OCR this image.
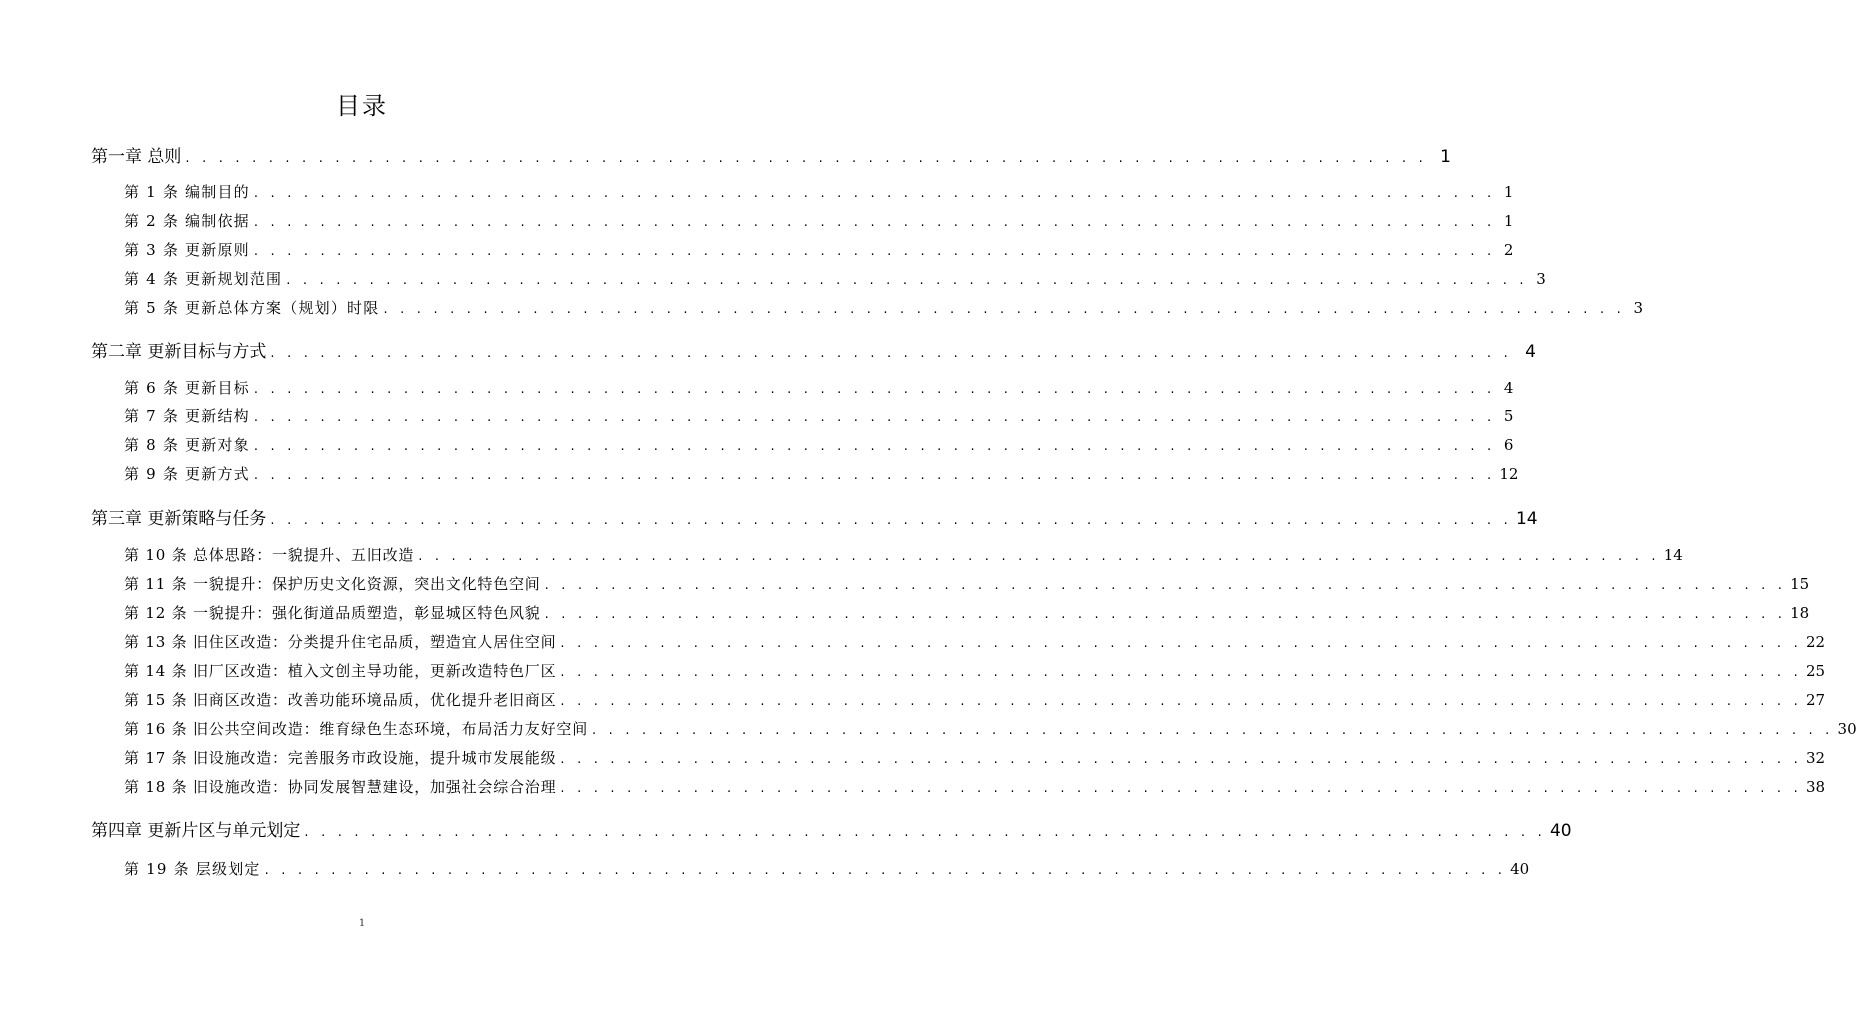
目录
第一章 总则 . . . . . . . . . . . . . . . . . . . . . . . . . . . . . . . . . . . . . . . . . . . . . . . . . . . . . . . . . . . . . . . . . . . . . . . . . . . 1
第 1 条 编制目的 . . . . . . . . . . . . . . . . . . . . . . . . . . . . . . . . . . . . . . . . . . . . . . . . . . . . . . . . . . . . . . . . . . . . . . . . . . . 1
第 2 条 编制依据 . . . . . . . . . . . . . . . . . . . . . . . . . . . . . . . . . . . . . . . . . . . . . . . . . . . . . . . . . . . . . . . . . . . . . . . . . . . 1
第 3 条 更新原则 . . . . . . . . . . . . . . . . . . . . . . . . . . . . . . . . . . . . . . . . . . . . . . . . . . . . . . . . . . . . . . . . . . . . . . . . . . . 2
第 4 条 更新规划范围 . . . . . . . . . . . . . . . . . . . . . . . . . . . . . . . . . . . . . . . . . . . . . . . . . . . . . . . . . . . . . . . . . . . . . . . . . . . 3
第 5 条 更新总体方案（规划）时限 . . . . . . . . . . . . . . . . . . . . . . . . . . . . . . . . . . . . . . . . . . . . . . . . . . . . . . . . . . . . . . . . . . . . . . . . . . . 3
第二章 更新目标与方式 . . . . . . . . . . . . . . . . . . . . . . . . . . . . . . . . . . . . . . . . . . . . . . . . . . . . . . . . . . . . . . . . . . . . . . . . . . . 4
第 6 条 更新目标 . . . . . . . . . . . . . . . . . . . . . . . . . . . . . . . . . . . . . . . . . . . . . . . . . . . . . . . . . . . . . . . . . . . . . . . . . . . 4
第 7 条 更新结构 . . . . . . . . . . . . . . . . . . . . . . . . . . . . . . . . . . . . . . . . . . . . . . . . . . . . . . . . . . . . . . . . . . . . . . . . . . . 5
第 8 条 更新对象 . . . . . . . . . . . . . . . . . . . . . . . . . . . . . . . . . . . . . . . . . . . . . . . . . . . . . . . . . . . . . . . . . . . . . . . . . . . 6
第 9 条 更新方式 . . . . . . . . . . . . . . . . . . . . . . . . . . . . . . . . . . . . . . . . . . . . . . . . . . . . . . . . . . . . . . . . . . . . . . . . . . . 12
第三章 更新策略与任务 . . . . . . . . . . . . . . . . . . . . . . . . . . . . . . . . . . . . . . . . . . . . . . . . . . . . . . . . . . . . . . . . . . . . . . . . . . . 14
第 10 条 总体思路：一貌提升、五旧改造 . . . . . . . . . . . . . . . . . . . . . . . . . . . . . . . . . . . . . . . . . . . . . . . . . . . . . . . . . . . . . . . . . . . . . . . . . . . 14
第 11 条 一貌提升：保护历史文化资源，突出文化特色空间 . . . . . . . . . . . . . . . . . . . . . . . . . . . . . . . . . . . . . . . . . . . . . . . . . . . . . . . . . . . . . . . . . . . . . . . . . . . 15
第 12 条 一貌提升：强化街道品质塑造，彰显城区特色风貌 . . . . . . . . . . . . . . . . . . . . . . . . . . . . . . . . . . . . . . . . . . . . . . . . . . . . . . . . . . . . . . . . . . . . . . . . . . . 18
第 13 条 旧住区改造：分类提升住宅品质，塑造宜人居住空间 . . . . . . . . . . . . . . . . . . . . . . . . . . . . . . . . . . . . . . . . . . . . . . . . . . . . . . . . . . . . . . . . . . . . . . . . . . . 22
第 14 条 旧厂区改造：植入文创主导功能，更新改造特色厂区 . . . . . . . . . . . . . . . . . . . . . . . . . . . . . . . . . . . . . . . . . . . . . . . . . . . . . . . . . . . . . . . . . . . . . . . . . . . 25
第 15 条 旧商区改造：改善功能环境品质，优化提升老旧商区 . . . . . . . . . . . . . . . . . . . . . . . . . . . . . . . . . . . . . . . . . . . . . . . . . . . . . . . . . . . . . . . . . . . . . . . . . . . 27
第 16 条 旧公共空间改造：维育绿色生态环境，布局活力友好空间 . . . . . . . . . . . . . . . . . . . . . . . . . . . . . . . . . . . . . . . . . . . . . . . . . . . . . . . . . . . . . . . . . . . . . . . . . . . 30
第 17 条 旧设施改造：完善服务市政设施，提升城市发展能级 . . . . . . . . . . . . . . . . . . . . . . . . . . . . . . . . . . . . . . . . . . . . . . . . . . . . . . . . . . . . . . . . . . . . . . . . . . . 32
第 18 条 旧设施改造：协同发展智慧建设，加强社会综合治理 . . . . . . . . . . . . . . . . . . . . . . . . . . . . . . . . . . . . . . . . . . . . . . . . . . . . . . . . . . . . . . . . . . . . . . . . . . . 38
第四章 更新片区与单元划定 . . . . . . . . . . . . . . . . . . . . . . . . . . . . . . . . . . . . . . . . . . . . . . . . . . . . . . . . . . . . . . . . . . . . . . . . . . . 40
第 19 条 层级划定 . . . . . . . . . . . . . . . . . . . . . . . . . . . . . . . . . . . . . . . . . . . . . . . . . . . . . . . . . . . . . . . . . . . . . . . . . . . 40
1
